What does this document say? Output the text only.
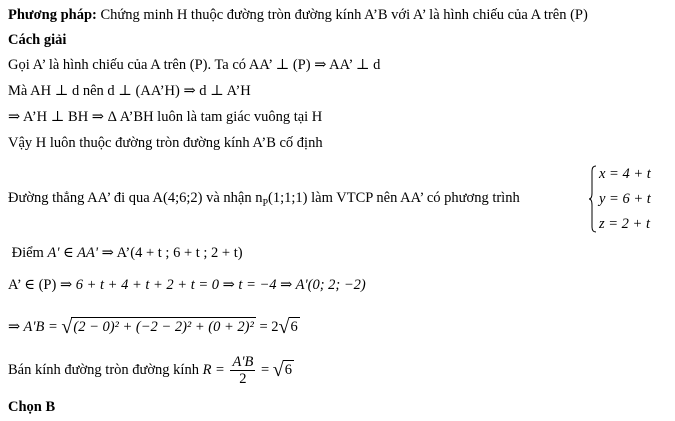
Phương pháp: Chứng minh H thuộc đường tròn đường kính A’B với A’ là hình chiếu của A trên (P)
Cách giải
Gọi A’ là hình chiếu của A trên (P). Ta có AA’ ⊥ (P) ⇒ AA’ ⊥ d
Mà AH ⊥ d nên d ⊥ (AA’H) ⇒ d ⊥ A’H
⇒ A’H ⊥ BH ⇒ Δ A’BH luôn là tam giác vuông tại H
Vậy H luôn thuộc đường tròn đường kính A’B cố định
Đường thẳng AA’ đi qua A(4;6;2) và nhận $n_P(1;1;1)$ làm VTCP nên AA’ có phương trình
x = 4 + t
y = 6 + t
z = 2 + t
Điểm A' ∈ AA' ⇒ A’(4 + t ; 6 + t ; 2 + t)
A’ ∈ (P) ⇒ 6 + t + 4 + t + 2 + t = 0 ⇒ t = −4 ⇒ A'(0; 2; −2)
⇒ A'B = √(2 − 0)² + (−2 − 2)² + (0 + 2)² = 2√6
Bán kính đường tròn đường kính $R = \frac{A'B}{2} = √6$
Chọn B
